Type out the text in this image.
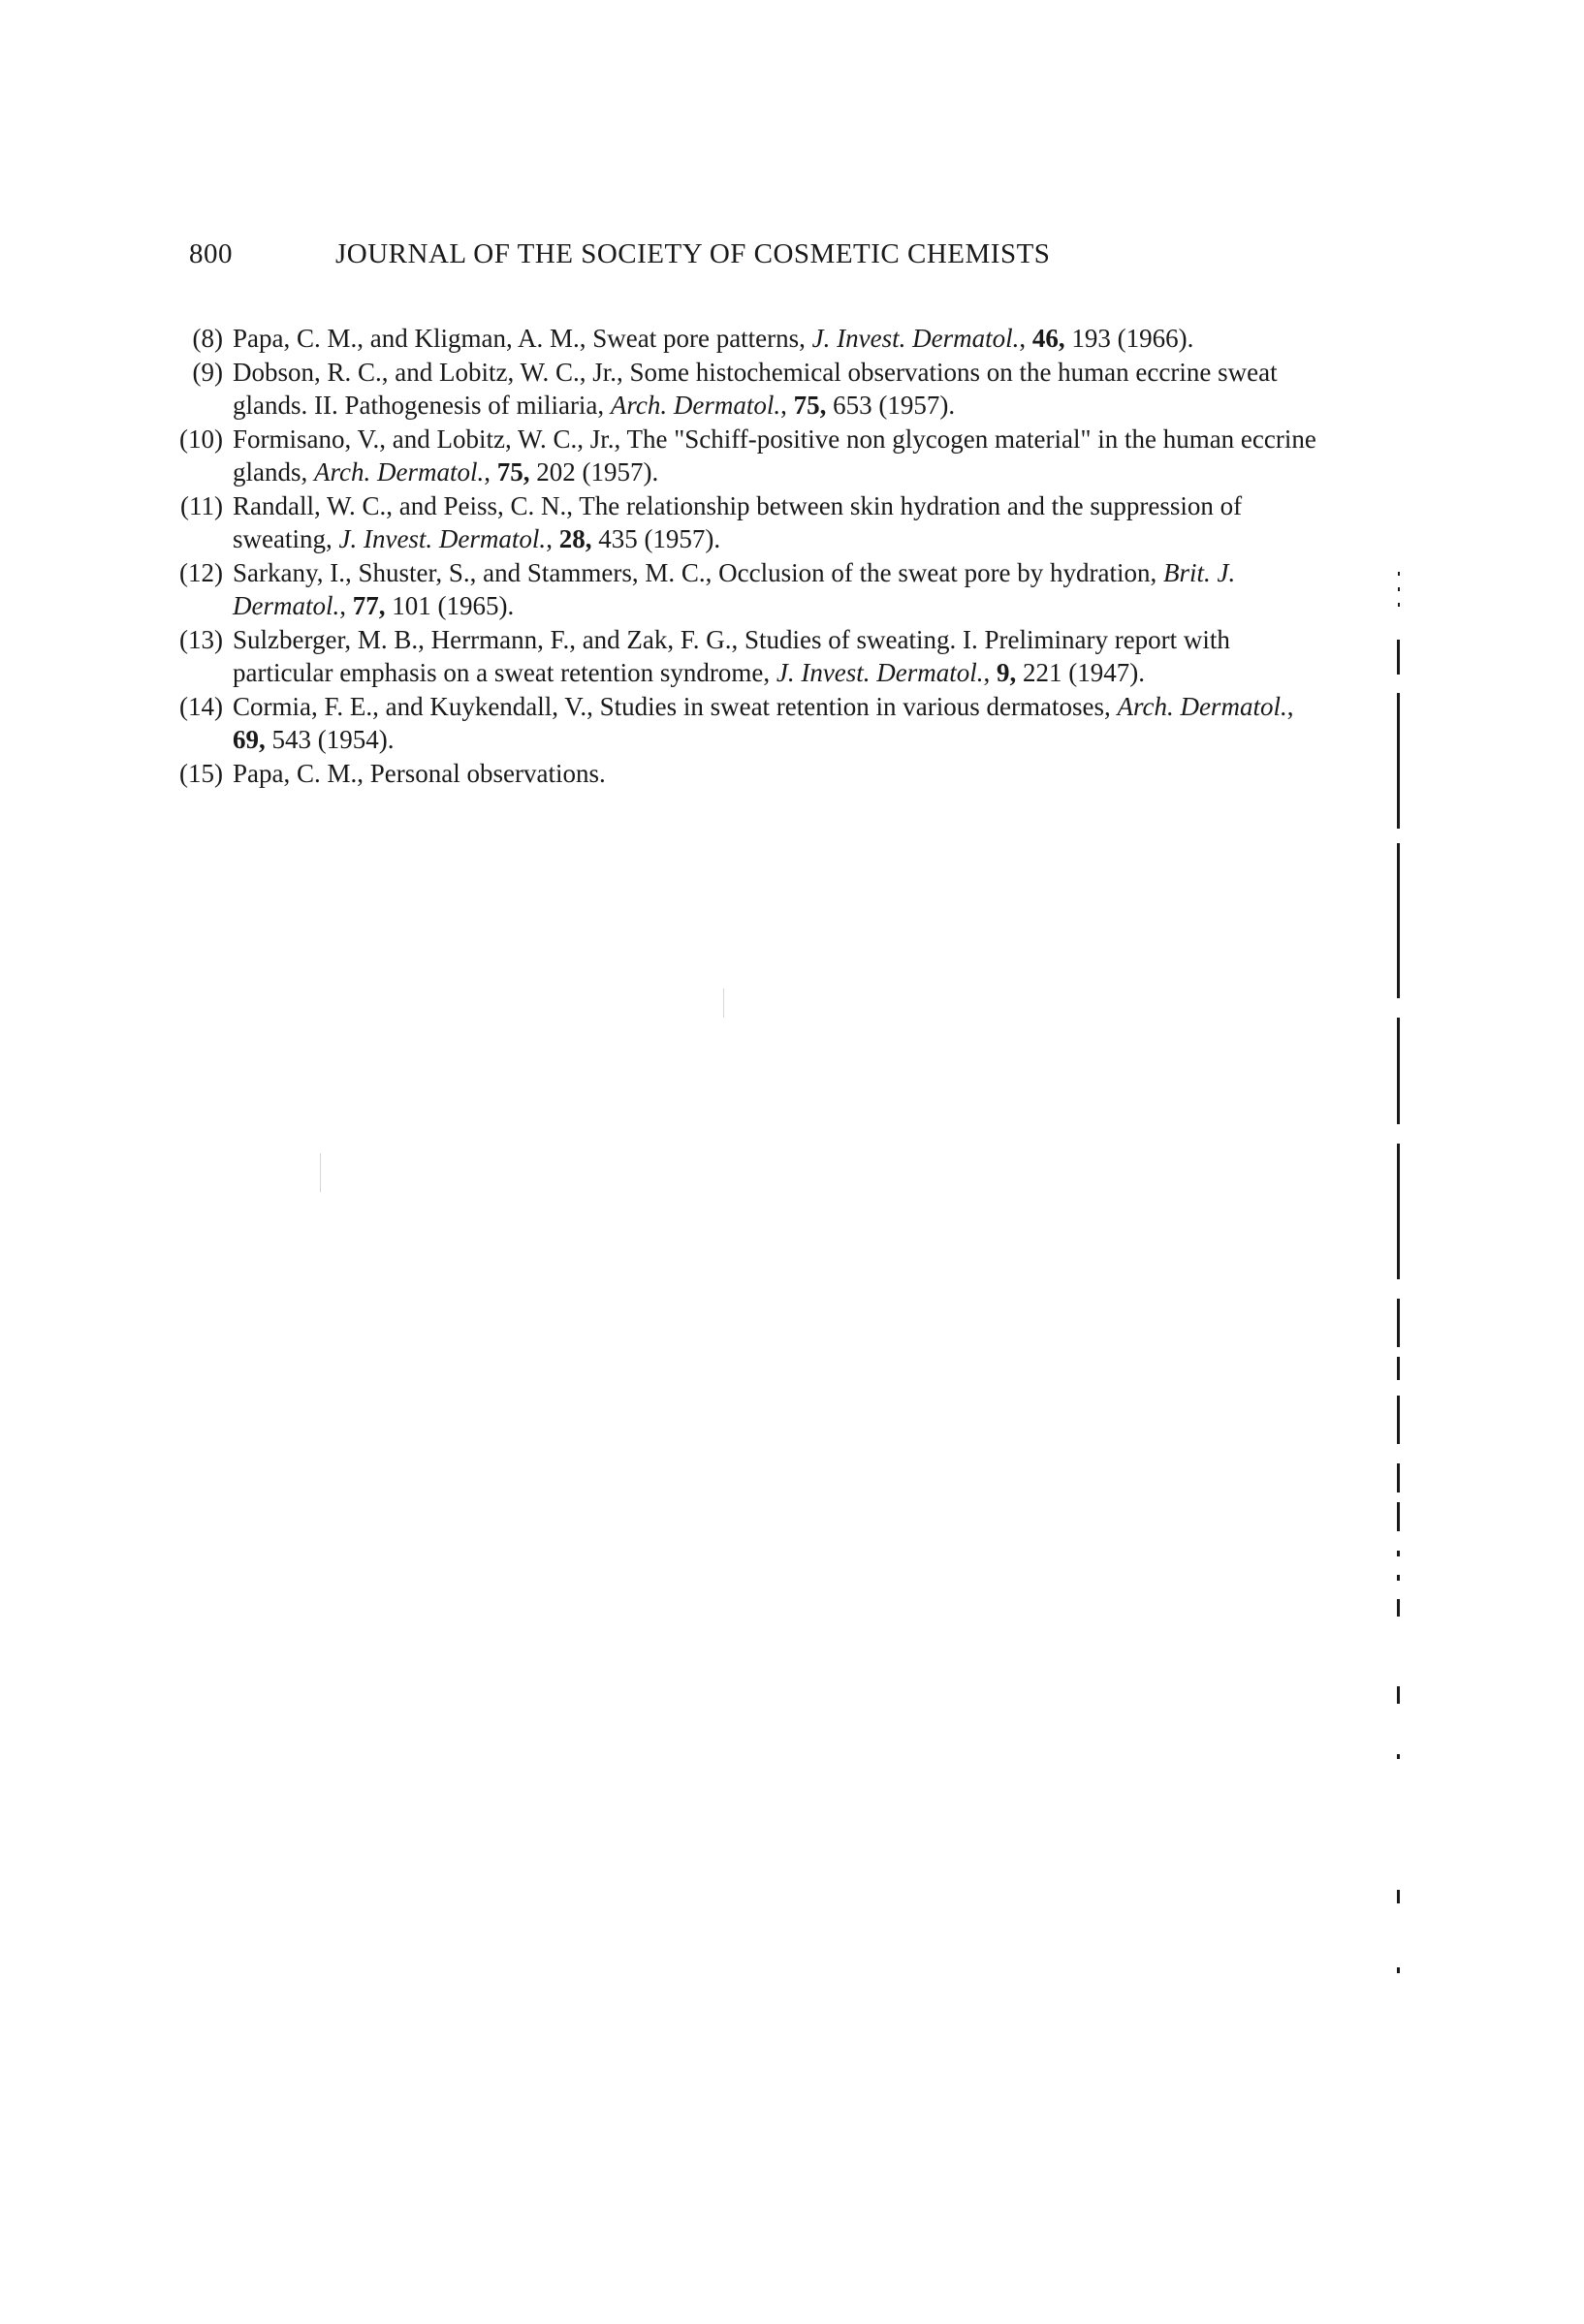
800	JOURNAL OF THE SOCIETY OF COSMETIC CHEMISTS
(8) Papa, C. M., and Kligman, A. M., Sweat pore patterns, J. Invest. Dermatol., 46, 193 (1966).
(9) Dobson, R. C., and Lobitz, W. C., Jr., Some histochemical observations on the human eccrine sweat glands. II. Pathogenesis of miliaria, Arch. Dermatol., 75, 653 (1957).
(10) Formisano, V., and Lobitz, W. C., Jr., The "Schiff-positive non glycogen material" in the human eccrine glands, Arch. Dermatol., 75, 202 (1957).
(11) Randall, W. C., and Peiss, C. N., The relationship between skin hydration and the suppression of sweating, J. Invest. Dermatol., 28, 435 (1957).
(12) Sarkany, I., Shuster, S., and Stammers, M. C., Occlusion of the sweat pore by hydration, Brit. J. Dermatol., 77, 101 (1965).
(13) Sulzberger, M. B., Herrmann, F., and Zak, F. G., Studies of sweating. I. Preliminary report with particular emphasis on a sweat retention syndrome, J. Invest. Dermatol., 9, 221 (1947).
(14) Cormia, F. E., and Kuykendall, V., Studies in sweat retention in various dermatoses, Arch. Dermatol., 69, 543 (1954).
(15) Papa, C. M., Personal observations.
